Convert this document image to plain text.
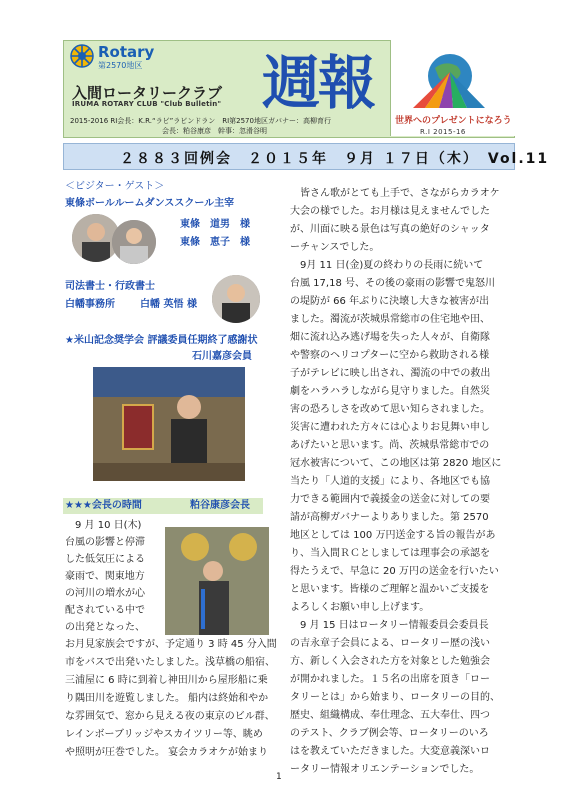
Rotary
第2570地区
入間ロータリークラブ
IRUMA ROTARY CLUB "Club Bulletin" 週報
2015-2016 RI会長：K.R.“ラビ”ラビンドラン　RI第2570地区ガバナー：高柳育行
会長：粕谷康彦　幹事：忽滑谷明
世界へのプレゼントになろう
R.I 2015-16
２８８３回例会　２０１５年　９月 １７日（木）　Vol.11
＜ビジター・ゲスト＞
東條ボールルームダンススクール主宰
東條　道男　様
東條　恵子　様
司法書士・行政書士
白幡事務所	白幡 英悟 様
★米山記念奨学会 評議委員任期終了感謝状
石川嘉彦会員
★★★会長の時間	粕谷康彦会長
9 月 10 日(木)
台風の影響と停滞
した低気圧による
豪雨で、関東地方
の河川の増水が心
配されている中で
の出発となった、
お月見家族会ですが、予定通り 3 時 45 分入間
市をバスで出発いたしました。浅草橋の船宿、
三浦屋に 6 時に到着し神田川から屋形船に乗
り隅田川を遊覧しました。 船内は終始和やか
な雰囲気で、窓から見える夜の東京のビル群、
レインボーブリッジやスカイツリー等、眺め
や照明が圧巻でした。 宴会カラオケが始まり

皆さん歌がとても上手で、さながらカラオケ

大会の様でした。お月様は見えませんでした

が、川面に映る景色は写真の絶好のシャッタ

ーチャンスでした。

9月 11 日(金)夏の終わりの長雨に続いて

台風 17,18 号、その後の豪雨の影響で鬼怒川

の堤防が 66 年ぶりに決壊し大きな被害が出

ました。濁流が茨城県常総市の住宅地や田、

畑に流れ込み逃げ場を失った人々が、自衛隊

や警察のヘリコプターに空から救助される様

子がテレビに映し出され、濁流の中での救出

劇をハラハラしながら見守りました。自然災

害の恐ろしさを改めて思い知らされました。

災害に遭われた方々には心よりお見舞い申し

あげたいと思います。尚、茨城県常総市での

冠水被害について、この地区は第 2820 地区に

当たり「人道的支援」により、各地区でも協

力できる範囲内で義援金の送金に対しての要

請が高柳ガバナーよりありました。第 2570

地区としては 100 万円送金する旨の報告があ

り、当入間ＲＣとしましては理事会の承認を

得たうえで、早急に 20 万円の送金を行いたい

と思います。皆様のご理解と温かいご支援を

よろしくお願い申し上げます。

9 月 15 日はロータリー情報委員会委員長

の吉永章子会員による、ロータリー歴の浅い

方、新しく入会された方を対象とした勉強会

が開かれました。１５名の出席を頂き「ロー

タリーとは」から始まり、ロータリーの目的、

歴史、組織構成、奉仕理念、五大奉仕、四つ

のテスト、クラブ例会等、ロータリーのいろ

はを教えていただきました。大変意義深いロ

ータリー情報オリエンテーションでした。

1
